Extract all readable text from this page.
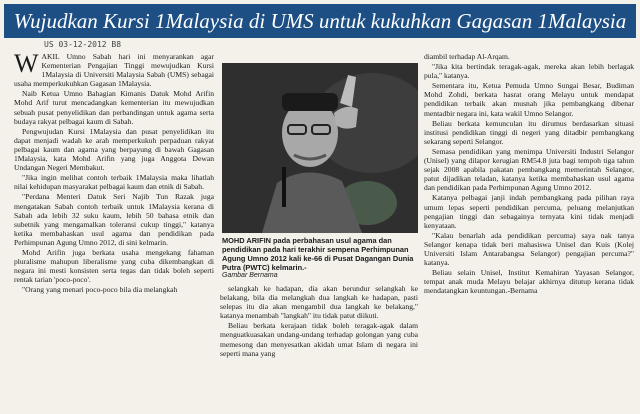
Wujudkan Kursi 1Malaysia di UMS untuk kukuhkan Gagasan 1Malaysia
US 03-12-2012 B8

WAKIL Umno Sabah hari ini menyarankan agar Kementerian Pengajian Tinggi mewujudkan Kursi 1Malaysia di Universiti Malaysia Sabah (UMS) sebagai usaha memperkukuhkan Gagasan 1Malaysia.

Naib Ketua Umno Bahagian Kimanis Datuk Mohd Arifin Mohd Arif turut mencadangkan kementerian itu mewujudkan sebuah pusat penyelidikan dan perbandingan untuk agama serta budaya rakyat pelbagai kaum di Sabah.

Pengwujudan Kursi 1Malaysia dan pusat penyelidikan itu dapat menjadi wadah ke arah memperkukuh perpaduan rakyat pelbagai kaum dan agama yang berpayung di bawah Gagasan 1Malaysia, kata Mohd Arifin yang juga Anggota Dewan Undangan Negeri Membakut.

"Jika ingin melihat contoh terbaik 1Malaysia maka lihatlah nilai kehidupan masyarakat pelbagai kaum dan etnik di Sabah.

"Perdana Menteri Datuk Seri Najib Tun Razak juga mengatakan Sabah contoh terbaik untuk 1Malaysia kerana di Sabah ada lebih 32 suku kaum, lebih 50 bahasa etnik dan subetnik yang mengamalkan toleransi cukup tinggi," katanya ketika membahaskan usul agama dan pendidikan pada Perhimpunan Agung Umno 2012, di sini kelmarin.

Mohd Arifin juga berkata usaha mengekang fahaman pluralisme mahupun liberalisme yang cuba dikembangkan di negara ini mesti konsisten serta tegas dan tidak boleh seperti rentak tarian 'poco-poco'.

"Orang yang menari poco-poco bila dia melangkah

MOHD ARIFIN pada perbahasan usul agama dan pendidikan pada hari terakhir sempena Perhimpunan Agung Umno 2012 kali ke-66 di Pusat Dagangan Dunia Putra (PWTC) kelmarin.-
Gambar Bernama

selangkah ke hadapan, dia akan berundur selangkah ke belakang, bila dia melangkah dua langkah ke hadapan, pasti selepas itu dia akan mengambil dua langkah ke belakang," katanya menambah "langkah" itu tidak patut diikuti.

Beliau berkata kerajaan tidak boleh teragak-agak dalam menguatkuasakan undang-undang terhadap golongan yang cuba memesong dan menyesatkan akidah umat Islam di negara ini seperti mana yang

diambil terhadap Al-Arqam.

"Jika kita bertindak teragak-agak, mereka akan lebih berlagak pula," katanya.

Sementara itu, Ketua Pemuda Umno Sungai Besar, Budiman Mohd Zohdi, berkata hasrat orang Melayu untuk mendapat pendidikan terbaik akan musnah jika pembangkang dibenar mentadbir negara ini, kata wakil Umno Selangor.

Beliau berkata kemunculan itu dirumus berdasarkan situasi institusi pendidikan tinggi di negeri yang ditadbir pembangkang sekarang seperti Selangor.

Semasa pendidikan yang menimpa Universiti Industri Selangor (Unisel) yang dilapor kerugian RM54.8 juta bagi tempoh tiga tahun sejak 2008 apabila pakatan pembangkang memerintah Selangor, patut dijadikan teladan, katanya ketika membahaskan usul agama dan pendidikan pada Perhimpunan Agung Umno 2012.

Katanya pelbagai janji indah pembangkang pada pilihan raya umum lepas seperti pendidikan percuma, peluang melanjutkan pengajian tinggi dan sebagainya ternyata kini tidak menjadi kenyataan.

"Kalau benarlah ada pendidikan percuma) saya nak tanya Selangor kenapa tidak beri mahasiswa Unisel dan Kuis (Kolej Universiti Islam Antarabangsa Selangor) pengajian percuma?" katanya.

Beliau selain Unisel, Institut Kemahiran Yayasan Selangor, tempat anak muda Melayu belajar akhirnya ditutup kerana tidak mendatangkan keuntungan.-Bernama
